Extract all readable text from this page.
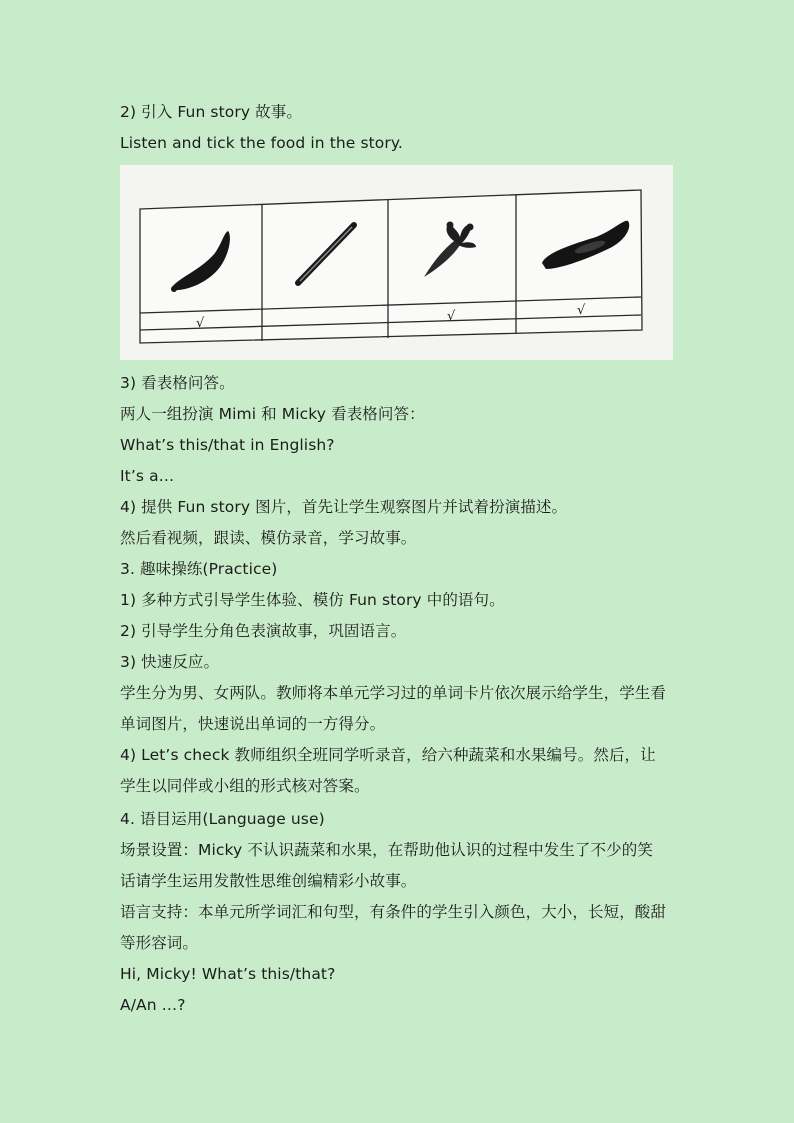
2) 引入 Fun story 故事。
Listen and tick the food in the story.
√	√	√
3) 看表格问答。
两人一组扮演 Mimi 和 Micky 看表格问答：
What’s this/that in English?
It’s a…
4) 提供 Fun story 图片，首先让学生观察图片并试着扮演描述。
然后看视频，跟读、模仿录音，学习故事。
3. 趣味操练(Practice)
1) 多种方式引导学生体验、模仿 Fun story 中的语句。
2) 引导学生分角色表演故事，巩固语言。
3) 快速反应。
学生分为男、女两队。教师将本单元学习过的单词卡片依次展示给学生，学生看
单词图片，快速说出单词的一方得分。
4) Let’s check 教师组织全班同学听录音，给六种蔬菜和水果编号。然后，让
学生以同伴或小组的形式核对答案。
4. 语目运用(Language use)
场景设置：Micky 不认识蔬菜和水果，在帮助他认识的过程中发生了不少的笑
话请学生运用发散性思维创编精彩小故事。
语言支持：本单元所学词汇和句型，有条件的学生引入颜色，大小，长短，酸甜
等形容词。
Hi, Micky! What’s this/that?
A/An …?
